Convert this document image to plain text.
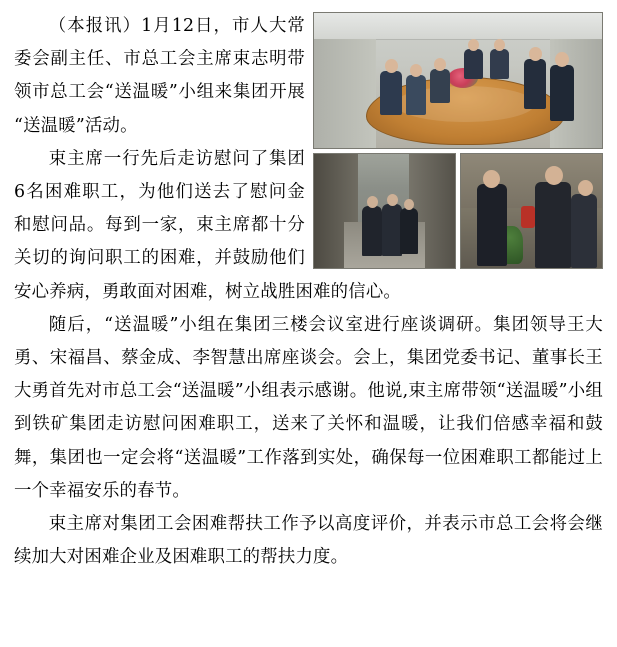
（本报讯）1月12日，市人大常委会副主任、市总工会主席束志明带领市总工会“送温暖”小组来集团开展 “送温暖”活动。

束主席一行先后走访慰问了集团6名困难职工，为他们送去了慰问金和慰问品。每到一家，束主席都十分关切的询问职工的困难，并鼓励他们安心养病，勇敢面对困难，树立战胜困难的信心。

随后，“送温暖”小组在集团三楼会议室进行座谈调研。集团领导王大勇、宋福昌、蔡金成、李智慧出席座谈会。会上，集团党委书记、董事长王大勇首先对市总工会“送温暖”小组表示感谢。他说,束主席带领“送温暖”小组到铁矿集团走访慰问困难职工，送来了关怀和温暖，让我们倍感幸福和鼓舞，集团也一定会将“送温暖”工作落到实处，确保每一位困难职工都能过上一个幸福安乐的春节。

束主席对集团工会困难帮扶工作予以高度评价，并表示市总工会将会继续加大对困难企业及困难职工的帮扶力度。
